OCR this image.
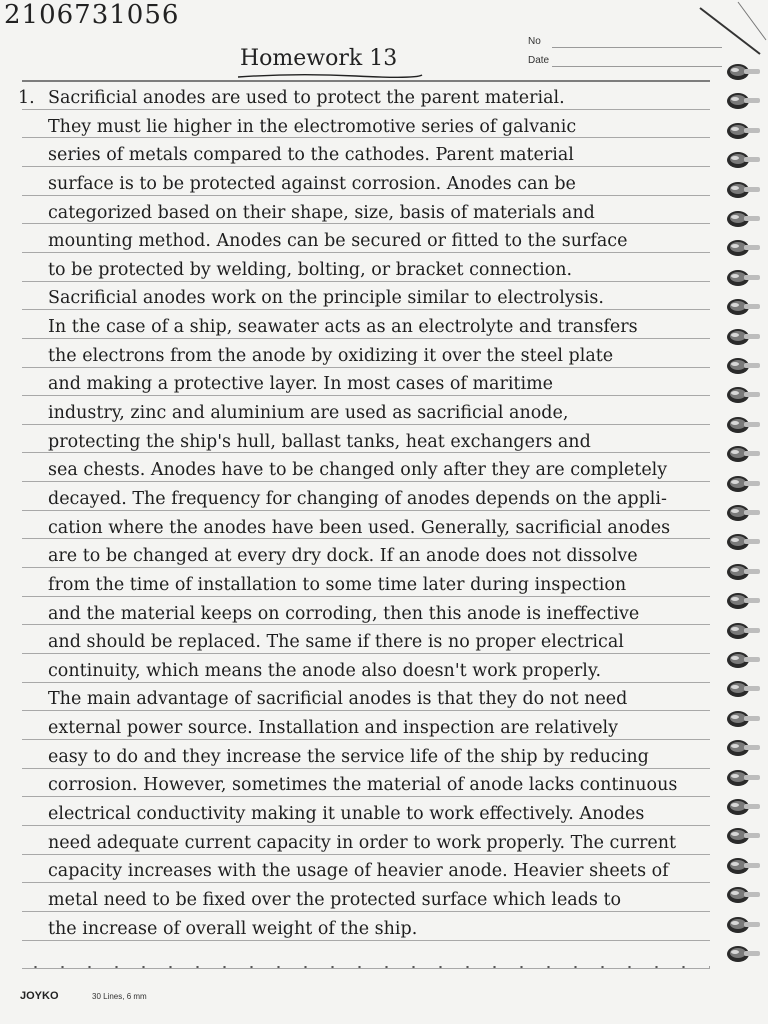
2106731056
No
Date
Homework 13
1. Sacrificial anodes are used to protect the parent material.
They must lie higher in the electromotive series of galvanic
series of metals compared to the cathodes. Parent material
surface is to be protected against corrosion. Anodes can be
categorized based on their shape, size, basis of materials and
mounting method. Anodes can be secured or fitted to the surface
to be protected by welding, bolting, or bracket connection.
Sacrificial anodes work on the principle similar to electrolysis.
In the case of a ship, seawater acts as an electrolyte and transfers
the electrons from the anode by oxidizing it over the steel plate
and making a protective layer. In most cases of maritime
industry, zinc and aluminium are used as sacrificial anode,
protecting the ship's hull, ballast tanks, heat exchangers and
sea chests. Anodes have to be changed only after they are completely
decayed. The frequency for changing of anodes depends on the appli-
cation where the anodes have been used. Generally, sacrificial anodes
are to be changed at every dry dock. If an anode does not dissolve
from the time of installation to some time later during inspection
and the material keeps on corroding, then this anode is ineffective
and should be replaced. The same if there is no proper electrical
continuity, which means the anode also doesn't work properly.
The main advantage of sacrificial anodes is that they do not need
external power source. Installation and inspection are relatively
easy to do and they increase the service life of the ship by reducing
corrosion. However, sometimes the material of anode lacks continuous
electrical conductivity making it unable to work effectively. Anodes
need adequate current capacity in order to work properly. The current
capacity increases with the usage of heavier anode. Heavier sheets of
metal need to be fixed over the protected surface which leads to
the increase of overall weight of the ship.
JOYKO	30 Lines, 6 mm
